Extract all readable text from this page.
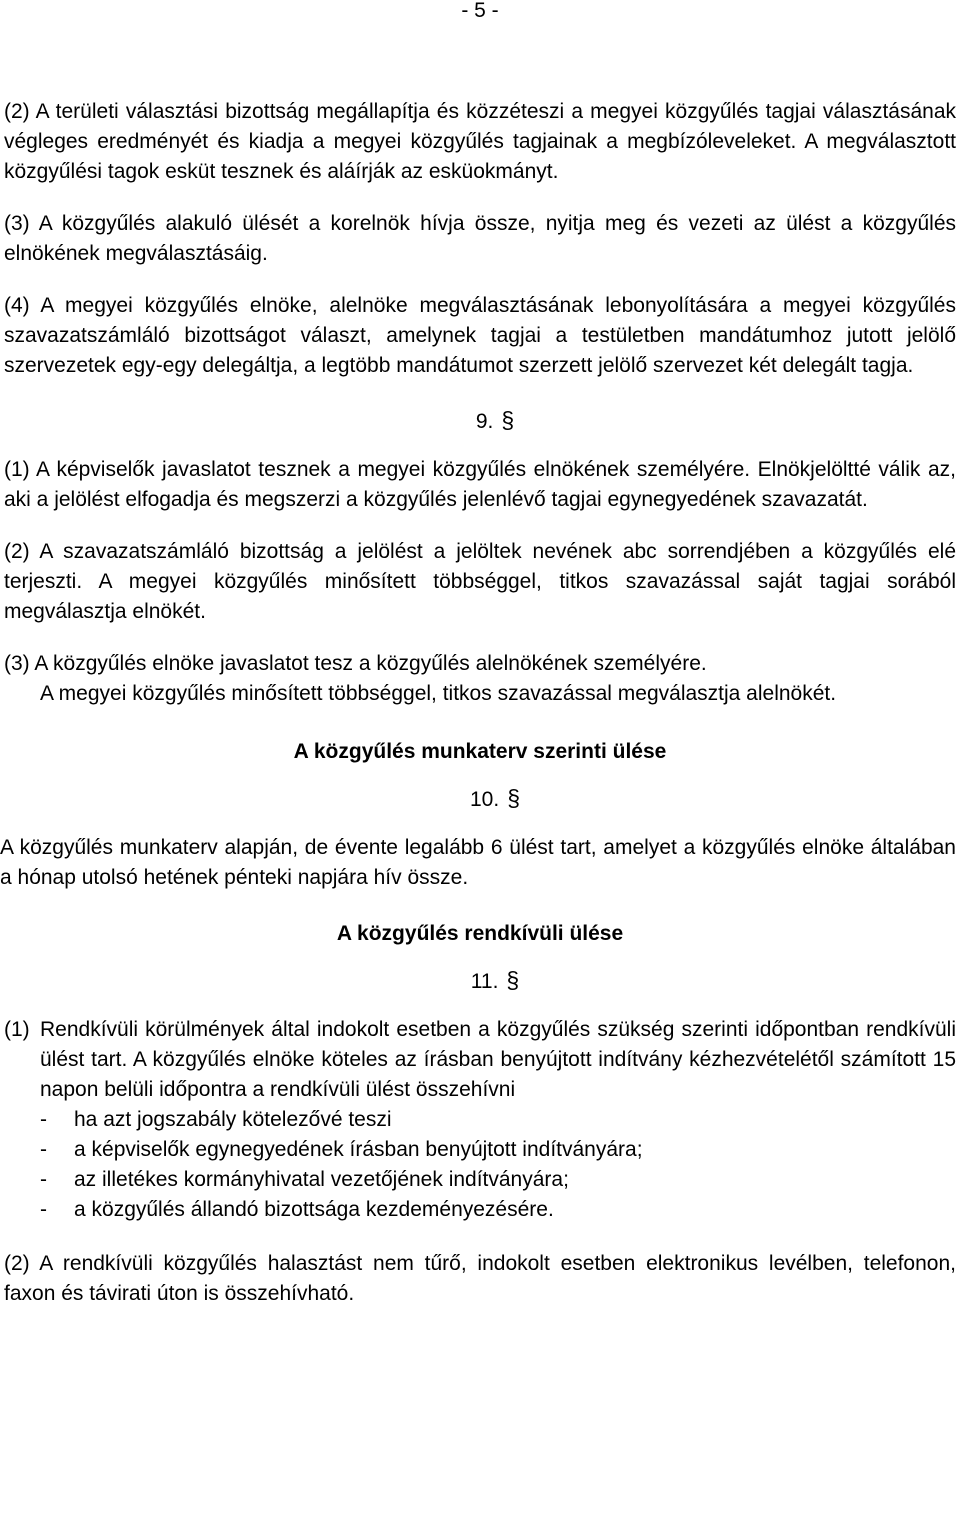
- 5 -

(2) A területi választási bizottság megállapítja és közzéteszi a megyei közgyűlés tagjai választásának végleges eredményét és kiadja a megyei közgyűlés tagjainak a megbízóleveleket. A megválasztott közgyűlési tagok esküt tesznek és aláírják az esküokmányt.

(3) A közgyűlés alakuló ülését a korelnök hívja össze, nyitja meg és vezeti az ülést a közgyűlés elnökének megválasztásáig.

(4) A megyei közgyűlés elnöke, alelnöke megválasztásának lebonyolítására a megyei közgyűlés szavazatszámláló bizottságot választ, amelynek tagjai a testületben mandátumhoz jutott jelölő szervezetek egy-egy delegáltja, a legtöbb mandátumot szerzett jelölő szervezet két delegált tagja.

9. §

(1) A képviselők javaslatot tesznek a megyei közgyűlés elnökének személyére. Elnökjelöltté válik az, aki a jelölést elfogadja és megszerzi a közgyűlés jelenlévő tagjai egynegyedének szavazatát.

(2) A szavazatszámláló bizottság a jelölést a jelöltek nevének abc sorrendjében a közgyűlés elé terjeszti. A megyei közgyűlés minősített többséggel, titkos szavazással saját tagjai sorából megválasztja elnökét.

(3) A közgyűlés elnöke javaslatot tesz a közgyűlés alelnökének személyére.

A megyei közgyűlés minősített többséggel, titkos szavazással megválasztja alelnökét.

A közgyűlés munkaterv szerinti ülése

10. §

A közgyűlés munkaterv alapján, de évente legalább 6 ülést tart, amelyet a közgyűlés elnöke általában a hónap utolsó hetének pénteki napjára hív össze.

A közgyűlés rendkívüli ülése

11. §

(1) Rendkívüli körülmények által indokolt esetben a közgyűlés szükség szerinti időpontban rendkívüli ülést tart. A közgyűlés elnöke köteles az írásban benyújtott indítvány kézhezvételétől számított 15 napon belüli időpontra a rendkívüli ülést összehívni
-	ha azt jogszabály kötelezővé teszi
-	a képviselők egynegyedének írásban benyújtott indítványára;
-	az illetékes kormányhivatal vezetőjének indítványára;
-	a közgyűlés állandó bizottsága kezdeményezésére.

(2) A rendkívüli közgyűlés halasztást nem tűrő, indokolt esetben elektronikus levélben, telefonon, faxon és távirati úton is összehívható.
